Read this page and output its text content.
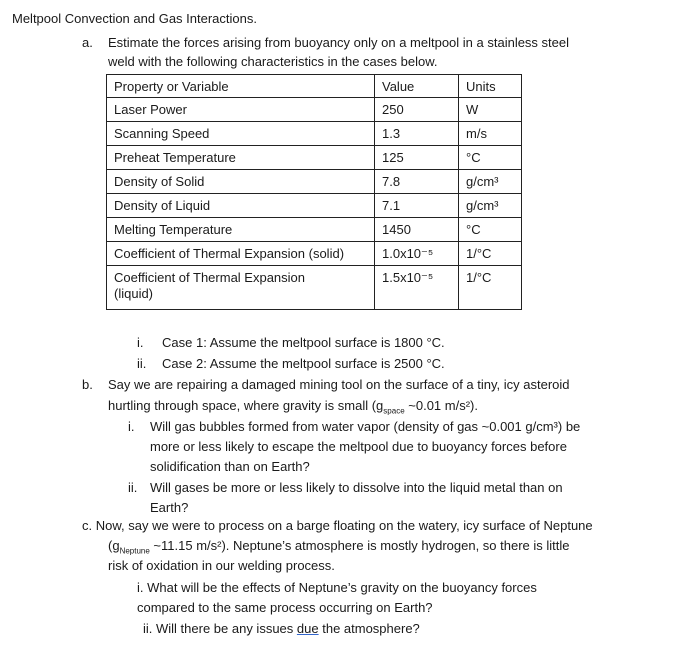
Meltpool Convection and Gas Interactions.
a. Estimate the forces arising from buoyancy only on a meltpool in a stainless steel
weld with the following characteristics in the cases below.
Property or Variable	Value	Units
Laser Power	250	W
Scanning Speed	1.3	m/s
Preheat Temperature	125	°C
Density of Solid	7.8	g/cm³
Density of Liquid	7.1	g/cm³
Melting Temperature	1450	°C
Coefficient of Thermal Expansion (solid)	1.0x10⁻⁵	1/°C

Coefficient of Thermal Expansion
(liquid)	1.5x10⁻⁵	1/°C
i. Case 1: Assume the meltpool surface is 1800 °C.
ii. Case 2: Assume the meltpool surface is 2500 °C.
b. Say we are repairing a damaged mining tool on the surface of a tiny, icy asteroid
hurtling through space, where gravity is small ($g_{space}$ ~0.01 m/s²).
i. Will gas bubbles formed from water vapor (density of gas ~0.001 g/cm³) be
more or less likely to escape the meltpool due to buoyancy forces before
solidification than on Earth?
ii. Will gases be more or less likely to dissolve into the liquid metal than on
Earth?
c. Now, say we were to process on a barge floating on the watery, icy surface of Neptune
($g_{Neptune}$ ~11.15 m/s²). Neptune’s atmosphere is mostly hydrogen, so there is little
risk of oxidation in our welding process.
i. What will be the effects of Neptune’s gravity on the buoyancy forces
compared to the same process occurring on Earth?
ii. Will there be any issues due the atmosphere?
